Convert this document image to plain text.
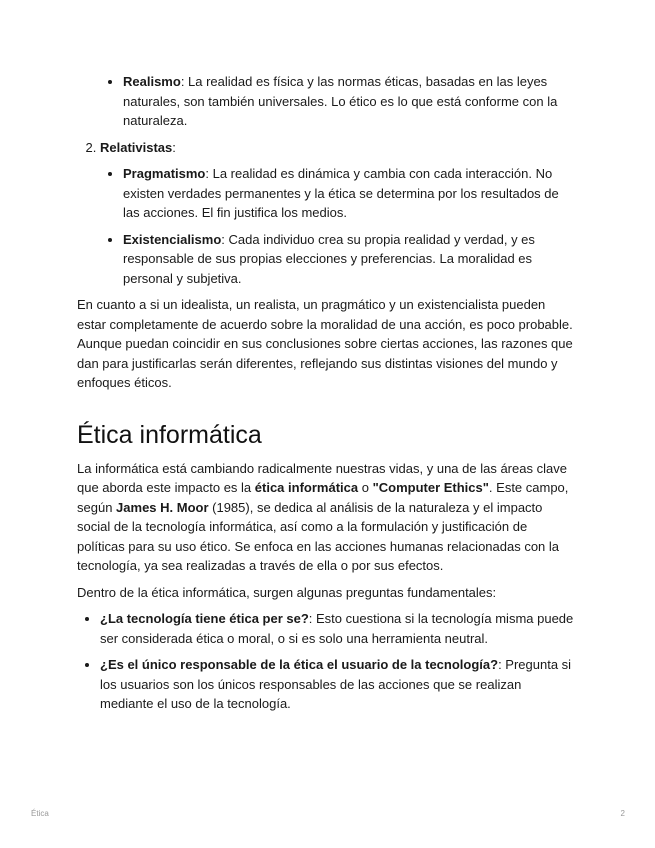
• Realismo: La realidad es física y las normas éticas, basadas en las leyes naturales, son también universales. Lo ético es lo que está conforme con la naturaleza.
2. Relativistas:
• Pragmatismo: La realidad es dinámica y cambia con cada interacción. No existen verdades permanentes y la ética se determina por los resultados de las acciones. El fin justifica los medios.
• Existencialismo: Cada individuo crea su propia realidad y verdad, y es responsable de sus propias elecciones y preferencias. La moralidad es personal y subjetiva.

En cuanto a si un idealista, un realista, un pragmático y un existencialista pueden estar completamente de acuerdo sobre la moralidad de una acción, es poco probable. Aunque puedan coincidir en sus conclusiones sobre ciertas acciones, las razones que dan para justificarlas serán diferentes, reflejando sus distintas visiones del mundo y enfoques éticos.

Ética informática

La informática está cambiando radicalmente nuestras vidas, y una de las áreas clave que aborda este impacto es la ética informática o "Computer Ethics". Este campo, según James H. Moor (1985), se dedica al análisis de la naturaleza y el impacto social de la tecnología informática, así como a la formulación y justificación de políticas para su uso ético. Se enfoca en las acciones humanas relacionadas con la tecnología, ya sea realizadas a través de ella o por sus efectos.

Dentro de la ética informática, surgen algunas preguntas fundamentales:

• ¿La tecnología tiene ética per se?: Esto cuestiona si la tecnología misma puede ser considerada ética o moral, o si es solo una herramienta neutral.
• ¿Es el único responsable de la ética el usuario de la tecnología?: Pregunta si los usuarios son los únicos responsables de las acciones que se realizan mediante el uso de la tecnología.
Ética	2
